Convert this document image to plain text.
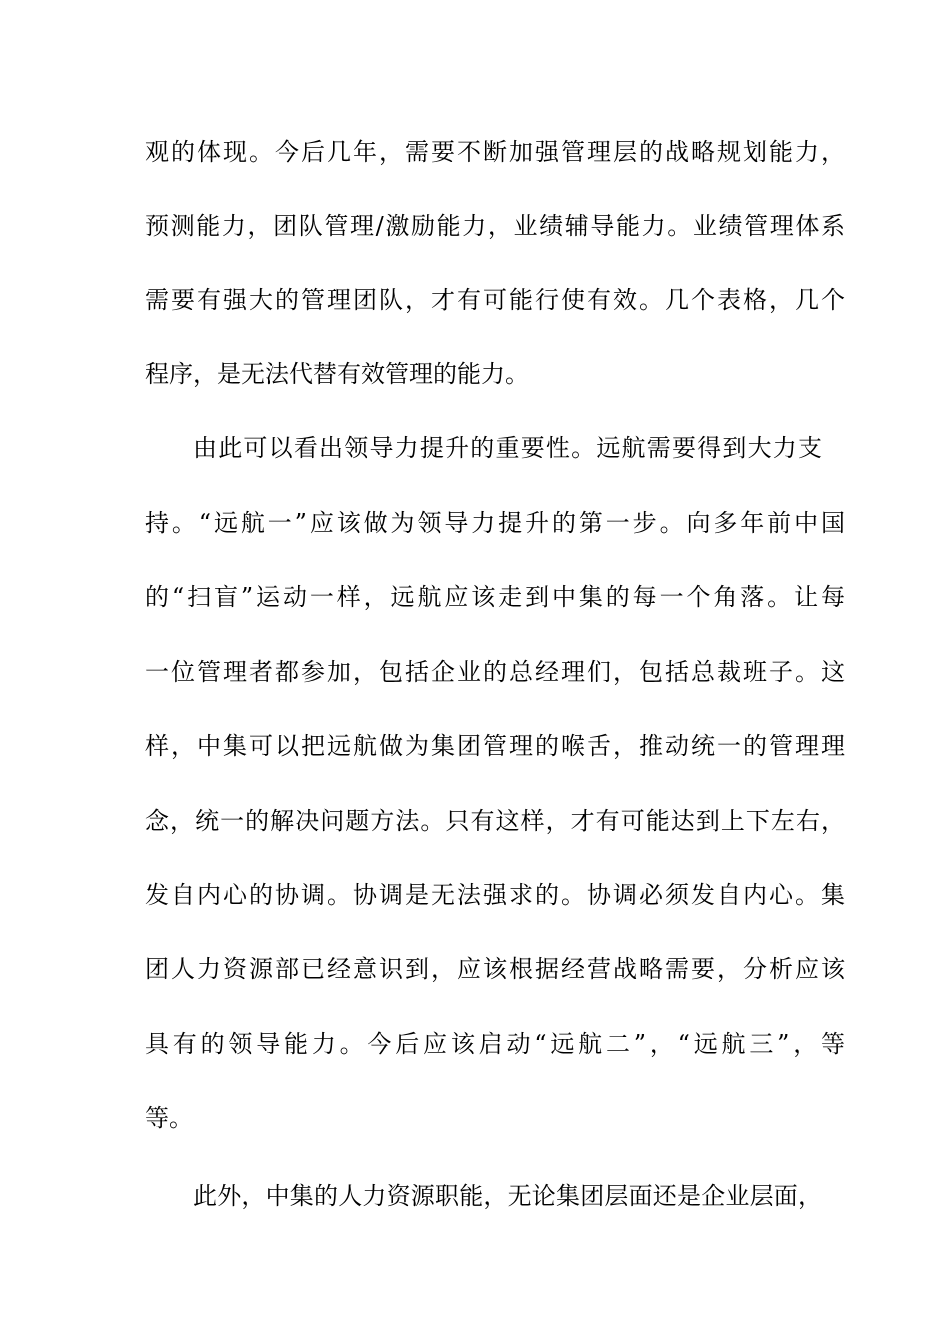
观的体现。今后几年，需要不断加强管理层的战略规划能力，
预测能力，团队管理/激励能力，业绩辅导能力。业绩管理体系
需要有强大的管理团队，才有可能行使有效。几个表格，几个
程序，是无法代替有效管理的能力。
由此可以看出领导力提升的重要性。远航需要得到大力支
持。“远航一”应该做为领导力提升的第一步。向多年前中国
的“扫盲”运动一样，远航应该走到中集的每一个角落。让每
一位管理者都参加，包括企业的总经理们，包括总裁班子。这
样，中集可以把远航做为集团管理的喉舌，推动统一的管理理
念，统一的解决问题方法。只有这样，才有可能达到上下左右，
发自内心的协调。协调是无法强求的。协调必须发自内心。集
团人力资源部已经意识到，应该根据经营战略需要，分析应该
具有的领导能力。今后应该启动“远航二”，“远航三”，等
等。
此外，中集的人力资源职能，无论集团层面还是企业层面，
